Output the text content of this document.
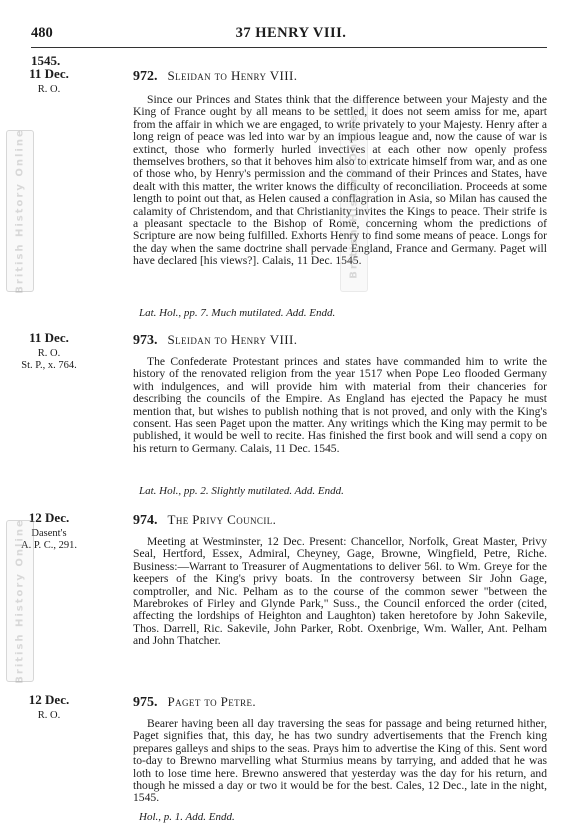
480	37 HENRY VIII.
1545.
11 Dec.
R. O.
972. Sleidan to Henry VIII.
Since our Princes and States think that the difference between your Majesty and the King of France ought by all means to be settled, it does not seem amiss for me, apart from the affair in which we are engaged, to write privately to your Majesty. Henry after a long reign of peace was led into war by an impious league and, now the cause of war is extinct, those who formerly hurled invectives at each other now openly profess themselves brothers, so that it behoves him also to extricate himself from war, and as one of those who, by Henry's permission and the command of their Princes and States, have dealt with this matter, the writer knows the difficulty of reconciliation. Proceeds at some length to point out that, as Helen caused a conflagration in Asia, so Milan has caused the calamity of Christendom, and that Christianity invites the Kings to peace. Their strife is a pleasant spectacle to the Bishop of Rome, concerning whom the predictions of Scripture are now being fulfilled. Exhorts Henry to find some means of peace. Longs for the day when the same doctrine shall pervade England, France and Germany. Paget will have declared [his views?]. Calais, 11 Dec. 1545.
Lat. Hol., pp. 7. Much mutilated. Add. Endd.
11 Dec.
R. O.
St. P., x. 764.
973. Sleidan to Henry VIII.
The Confederate Protestant princes and states have commanded him to write the history of the renovated religion from the year 1517 when Pope Leo flooded Germany with indulgences, and will provide him with material from their chanceries for describing the councils of the Empire. As England has ejected the Papacy he must mention that, but wishes to publish nothing that is not proved, and only with the King's consent. Has seen Paget upon the matter. Any writings which the King may permit to be published, it would be well to recite. Has finished the first book and will send a copy on his return to Germany. Calais, 11 Dec. 1545.
Lat. Hol., pp. 2. Slightly mutilated. Add. Endd.
12 Dec.
Dasent's
A. P. C., 291.
974. The Privy Council.
Meeting at Westminster, 12 Dec. Present: Chancellor, Norfolk, Great Master, Privy Seal, Hertford, Essex, Admiral, Cheyney, Gage, Browne, Wingfield, Petre, Riche. Business:—Warrant to Treasurer of Augmentations to deliver 56l. to Wm. Greye for the keepers of the King's privy boats. In the controversy between Sir John Gage, comptroller, and Nic. Pelham as to the course of the common sewer "between the Marebrokes of Firley and Glynde Park," Suss., the Council enforced the order (cited, affecting the lordships of Heighton and Laughton) taken heretofore by John Sakevile, Thos. Darrell, Ric. Sakevile, John Parker, Robt. Oxenbrige, Wm. Waller, Ant. Pelham and John Thatcher.
12 Dec.
R. O.
975. Paget to Petre.
Bearer having been all day traversing the seas for passage and being returned hither, Paget signifies that, this day, he has two sundry advertisements that the French king prepares galleys and ships to the seas. Prays him to advertise the King of this. Sent word to-day to Brewno marvelling what Sturmius means by tarrying, and added that he was loth to lose time here. Brewno answered that yesterday was the day for his return, and though he missed a day or two it would be for the best. Cales, 12 Dec., late in the night, 1545.
Hol., p. 1. Add. Endd.
British History Online
British History Online
British History Online
